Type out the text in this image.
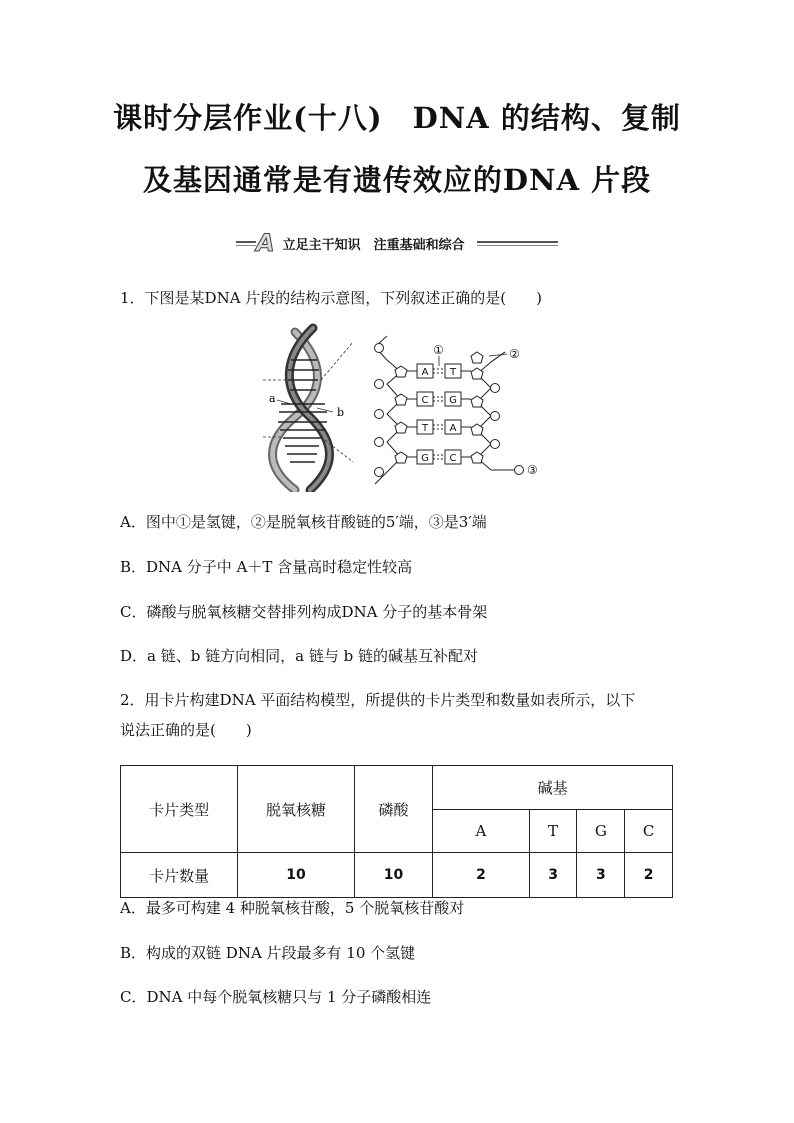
课时分层作业(十八)　DNA 的结构、复制
及基因通常是有遗传效应的DNA 片段
A 立足主干知识　注重基础和综合

1．下图是某DNA 片段的结构示意图，下列叙述正确的是(　　)

a
b
A T
C G
T A
G C
①	②
③

A．图中①是氢键，②是脱氧核苷酸链的5′端，③是3′端

B．DNA 分子中 A＋T 含量高时稳定性较高

C．磷酸与脱氧核糖交替排列构成DNA 分子的基本骨架

D．a 链、b 链方向相同，a 链与 b 链的碱基互补配对

2．用卡片构建DNA 平面结构模型，所提供的卡片类型和数量如表所示，以下

说法正确的是(　　)

卡片类型	脱氧核糖	磷酸	碱基			
			A	T	G	C
卡片数量	10	10	2	3	3	2

A．最多可构建 4 种脱氧核苷酸，5 个脱氧核苷酸对

B．构成的双链 DNA 片段最多有 10 个氢键

C．DNA 中每个脱氧核糖只与 1 分子磷酸相连
